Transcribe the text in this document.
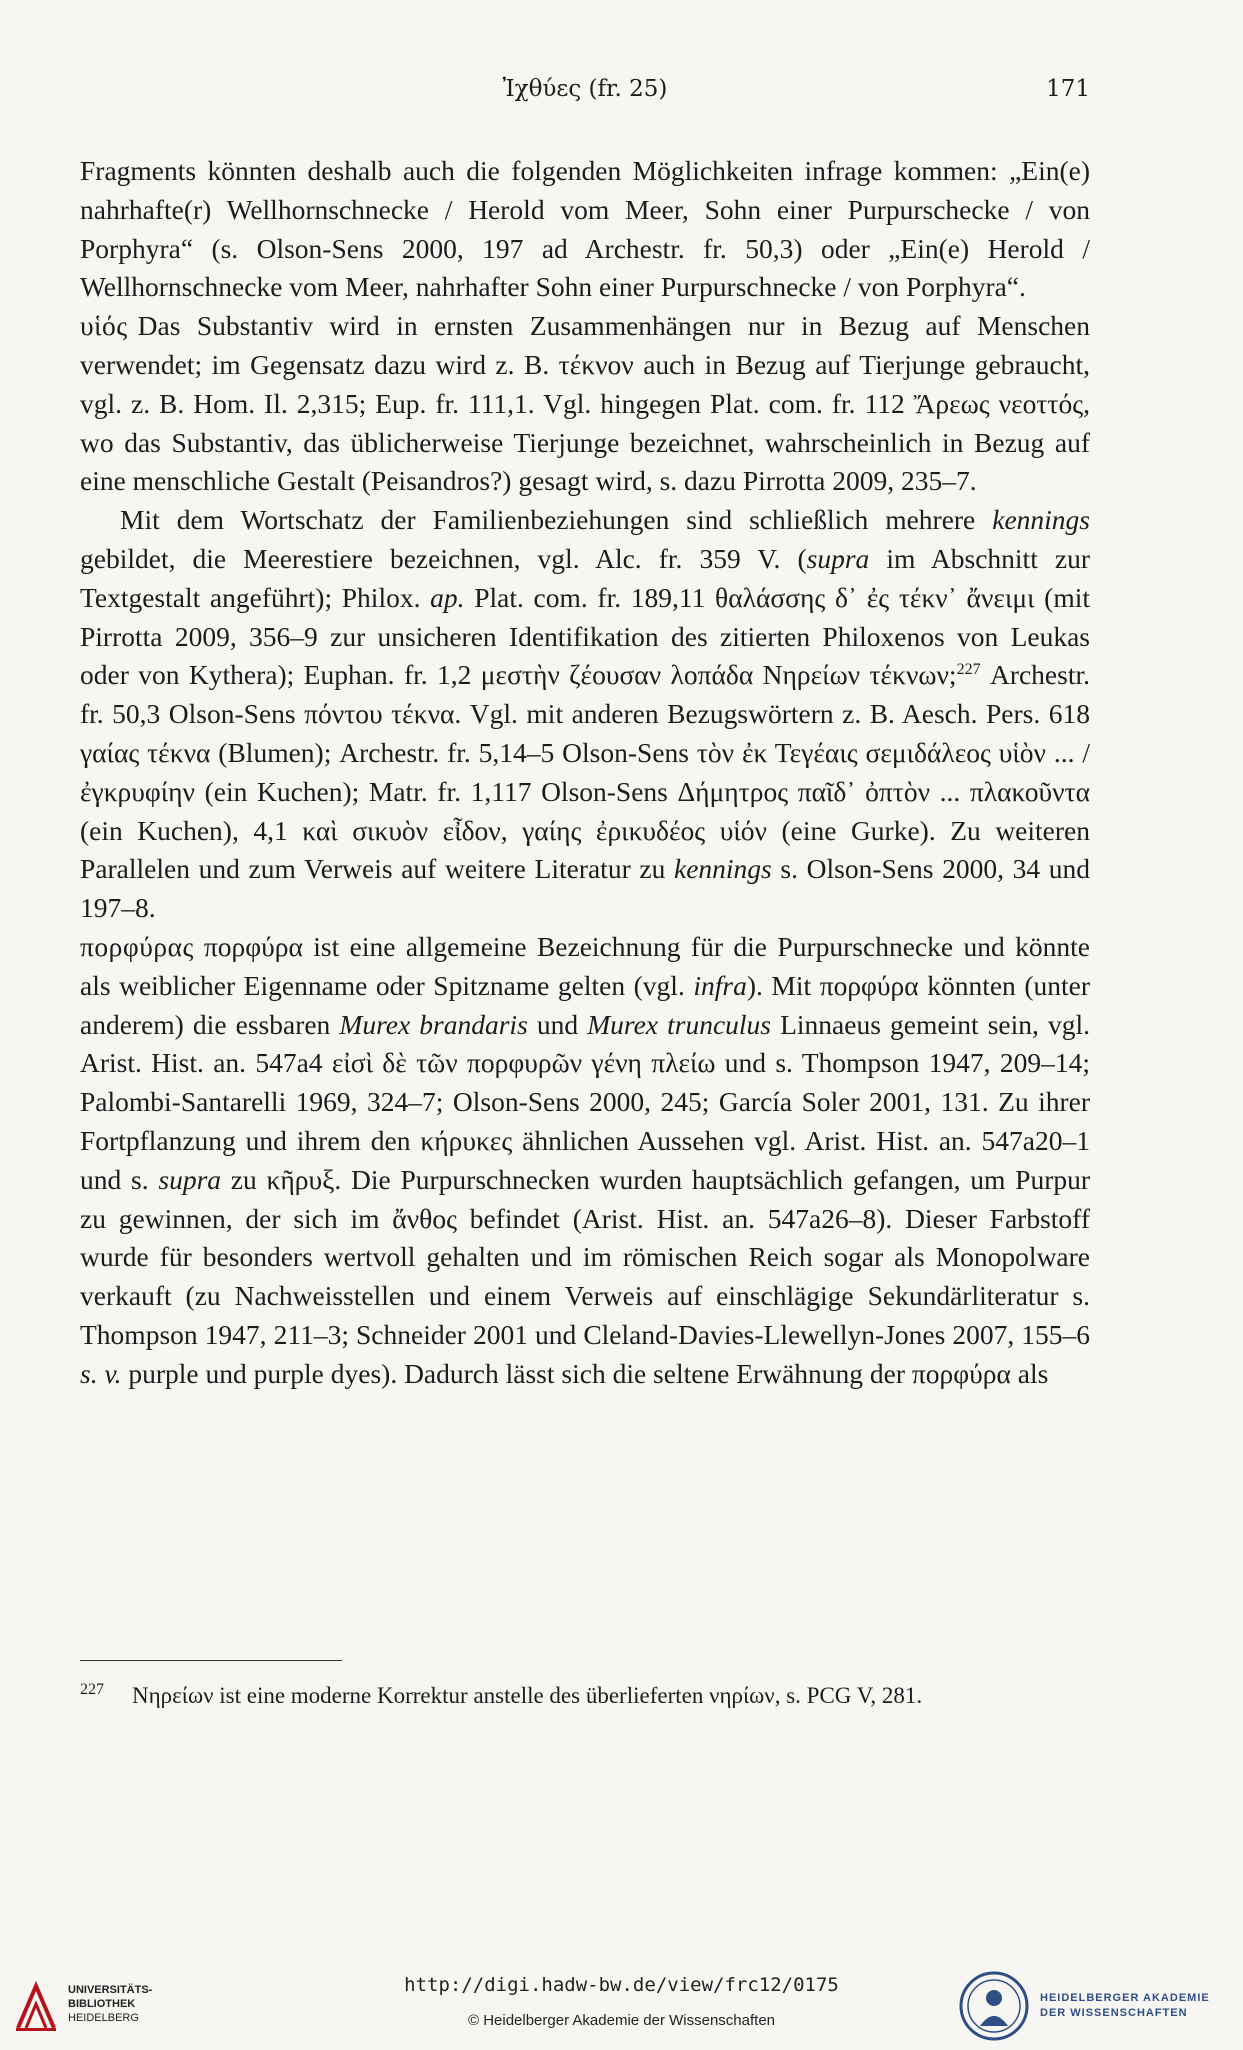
Ἰχθύες (fr. 25)	171

Fragments könnten deshalb auch die folgenden Möglichkeiten infrage kommen: „Ein(e) nahrhafte(r) Wellhornschnecke / Herold vom Meer, Sohn einer Purpurschecke / von Porphyra“ (s. Olson-Sens 2000, 197 ad Archestr. fr. 50,3) oder „Ein(e) Herold / Wellhornschnecke vom Meer, nahrhafter Sohn einer Purpurschnecke / von Porphyra“.

υἱός Das Substantiv wird in ernsten Zusammenhängen nur in Bezug auf Menschen verwendet; im Gegensatz dazu wird z. B. τέκνον auch in Bezug auf Tierjunge gebraucht, vgl. z. B. Hom. Il. 2,315; Eup. fr. 111,1. Vgl. hingegen Plat. com. fr. 112 Ἄρεως νεοττός, wo das Substantiv, das üblicherweise Tierjunge bezeichnet, wahrscheinlich in Bezug auf eine menschliche Gestalt (Peisandros?) gesagt wird, s. dazu Pirrotta 2009, 235–7.

Mit dem Wortschatz der Familienbeziehungen sind schließlich mehrere kennings gebildet, die Meerestiere bezeichnen, vgl. Alc. fr. 359 V. (supra im Abschnitt zur Textgestalt angeführt); Philox. ap. Plat. com. fr. 189,11 θαλάσσης δ᾽ ἐς τέκν᾽ ἄνειμι (mit Pirrotta 2009, 356–9 zur unsicheren Identifikation des zitierten Philoxenos von Leukas oder von Kythera); Euphan. fr. 1,2 μεστὴν ζέουσαν λοπάδα Νηρείων τέκνων;$^{227}$ Archestr. fr. 50,3 Olson-Sens πόντου τέκνα. Vgl. mit anderen Bezugswörtern z. B. Aesch. Pers. 618 γαίας τέκνα (Blumen); Archestr. fr. 5,14–5 Olson-Sens τὸν ἐκ Τεγέαις σεμιδάλεος υἱὸν ... / ἐγκρυφίην (ein Kuchen); Matr. fr. 1,117 Olson-Sens Δήμητρος παῖδ᾽ ὀπτὸν ... πλακοῦντα (ein Kuchen), 4,1 καὶ σικυὸν εἶδον, γαίης ἐρικυδέος υἱόν (eine Gurke). Zu weiteren Parallelen und zum Verweis auf weitere Literatur zu kennings s. Olson-Sens 2000, 34 und 197–8.

πορφύρας πορφύρα ist eine allgemeine Bezeichnung für die Purpurschnecke und könnte als weiblicher Eigenname oder Spitzname gelten (vgl. infra). Mit πορφύρα könnten (unter anderem) die essbaren Murex brandaris und Murex trunculus Linnaeus gemeint sein, vgl. Arist. Hist. an. 547a4 εἰσὶ δὲ τῶν πορφυρῶν γένη πλείω und s. Thompson 1947, 209–14; Palombi-Santarelli 1969, 324–7; Olson-Sens 2000, 245; García Soler 2001, 131. Zu ihrer Fortpflanzung und ihrem den κήρυκες ähnlichen Aussehen vgl. Arist. Hist. an. 547a20–1 und s. supra zu κῆρυξ. Die Purpurschnecken wurden hauptsächlich gefangen, um Purpur zu gewinnen, der sich im ἄνθος befindet (Arist. Hist. an. 547a26–8). Dieser Farbstoff wurde für besonders wertvoll gehalten und im römischen Reich sogar als Monopolware verkauft (zu Nachweisstellen und einem Verweis auf einschlägige Sekundärliteratur s. Thompson 1947, 211–3; Schneider 2001 und Cleland-Davies-Llewellyn-Jones 2007, 155–6 s. v. purple und purple dyes). Dadurch lässt sich die seltene Erwähnung der πορφύρα als

227 Νηρείων ist eine moderne Korrektur anstelle des überlieferten νηρίων, s. PCG V, 281.
UNIVERSITÄTS-
BIBLIOTHEK
HEIDELBERG
http://digi.hadw-bw.de/view/frc12/0175
© Heidelberger Akademie der Wissenschaften
HEIDELBERGER AKADEMIE
DER WISSENSCHAFTEN
